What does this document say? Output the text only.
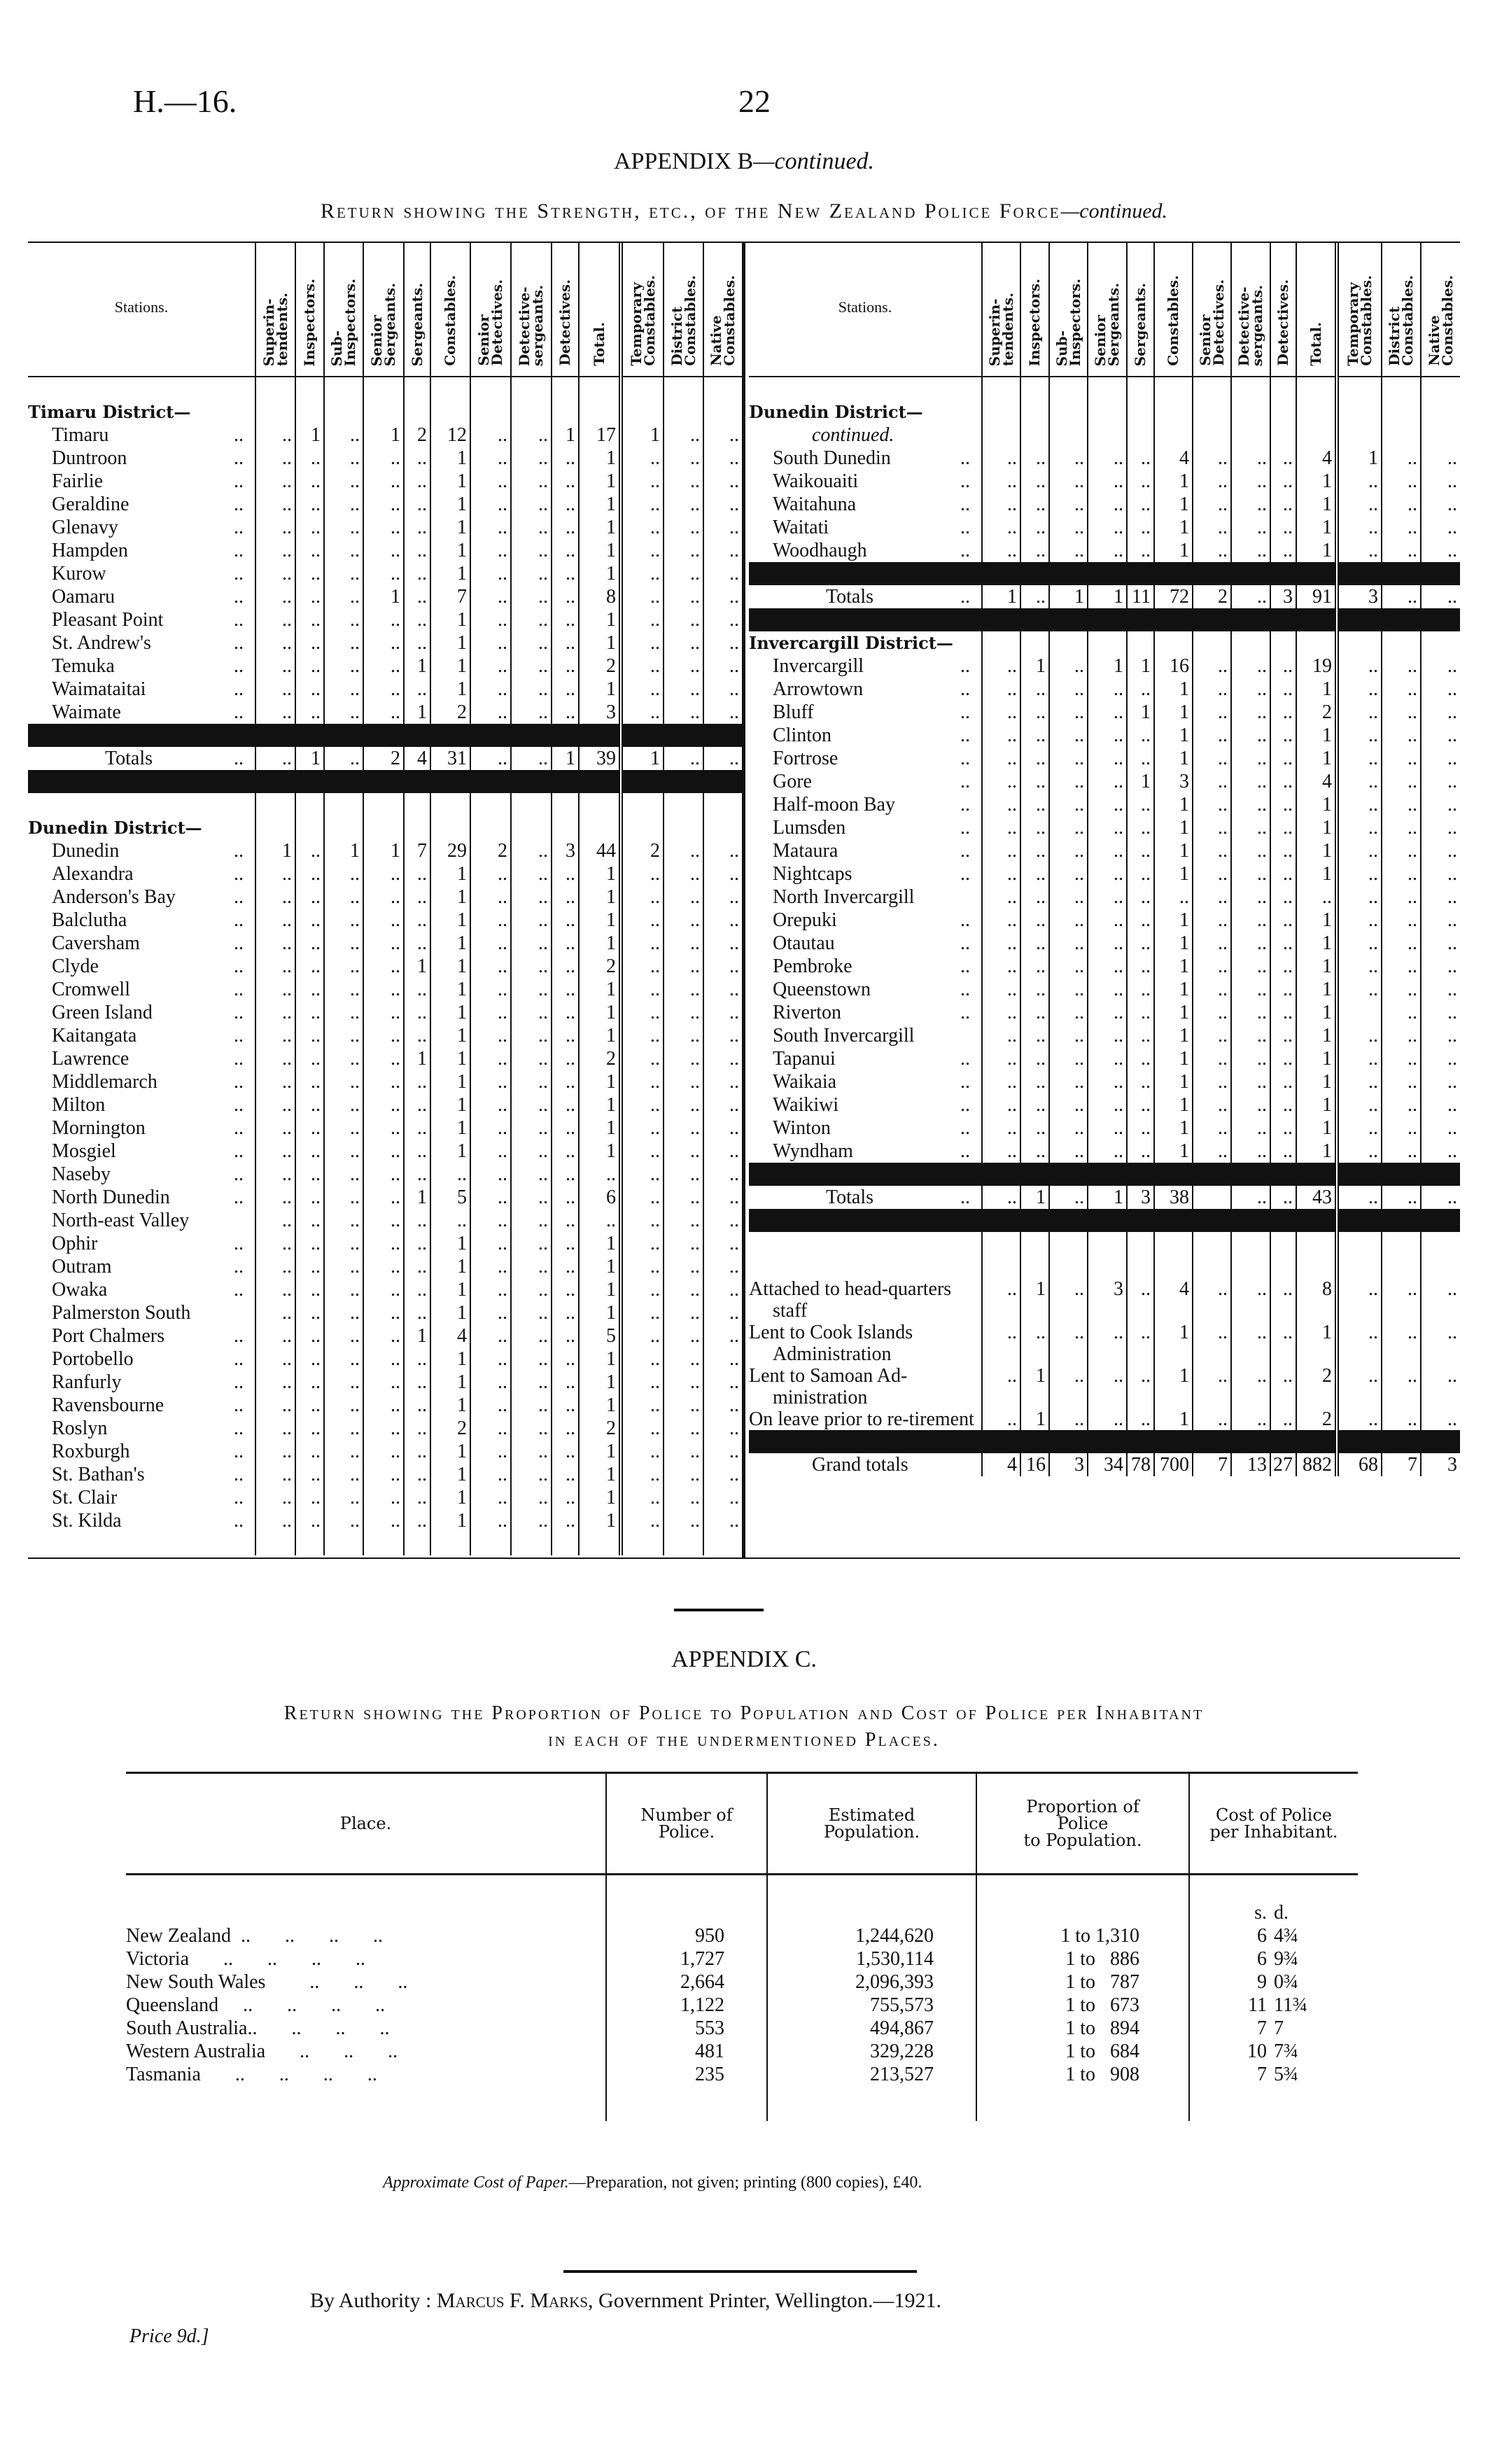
H.—16.	22
APPENDIX B—continued.
Return showing the Strength, etc., of the New Zealand Police Force—continued.
Stations.	Superin-
tendents.	Inspectors.	Sub-
Inspectors.	Senior
Sergeants.	Sergeants.	Constables.	Senior
Detectives.	Detective-
sergeants.	Detectives.	Total.	Temporary
Constables.	District
Constables.	Native
Constables.

Timaru District—													
Timaru ..	..	1	..	1	2	12	..	..	1	17	1	..	..
Duntroon ..	..	..	..	..	..	1	..	..	..	1	..	..	..
Fairlie ..	..	..	..	..	..	1	..	..	..	1	..	..	..
Geraldine ..	..	..	..	..	..	1	..	..	..	1	..	..	..
Glenavy ..	..	..	..	..	..	1	..	..	..	1	..	..	..
Hampden ..	..	..	..	..	..	1	..	..	..	1	..	..	..
Kurow ..	..	..	..	..	..	1	..	..	..	1	..	..	..
Oamaru ..	..	..	..	1	..	7	..	..	..	8	..	..	..
Pleasant Point ..	..	..	..	..	..	1	..	..	..	1	..	..	..
St. Andrew's ..	..	..	..	..	..	1	..	..	..	1	..	..	..
Temuka ..	..	..	..	..	1	1	..	..	..	2	..	..	..
Waimataitai ..	..	..	..	..	..	1	..	..	..	1	..	..	..
Waimate ..	..	..	..	..	1	2	..	..	..	3	..	..	..

Totals ..	..	1	..	2	4	31	..	..	1	39	1	..	..

Dunedin District—													
Dunedin ..	1	..	1	1	7	29	2	..	3	44	2	..	..
Alexandra ..	..	..	..	..	..	1	..	..	..	1	..	..	..
Anderson's Bay ..	..	..	..	..	..	1	..	..	..	1	..	..	..
Balclutha ..	..	..	..	..	..	1	..	..	..	1	..	..	..
Caversham ..	..	..	..	..	..	1	..	..	..	1	..	..	..
Clyde ..	..	..	..	..	1	1	..	..	..	2	..	..	..
Cromwell ..	..	..	..	..	..	1	..	..	..	1	..	..	..
Green Island ..	..	..	..	..	..	1	..	..	..	1	..	..	..
Kaitangata ..	..	..	..	..	..	1	..	..	..	1	..	..	..
Lawrence ..	..	..	..	..	1	1	..	..	..	2	..	..	..
Middlemarch ..	..	..	..	..	..	1	..	..	..	1	..	..	..
Milton ..	..	..	..	..	..	1	..	..	..	1	..	..	..
Mornington ..	..	..	..	..	..	1	..	..	..	1	..	..	..
Mosgiel ..	..	..	..	..	..	1	..	..	..	1	..	..	..
Naseby ..	..	..	..	..	..	..	..	..	..	..	..	..	..
North Dunedin ..	..	..	..	..	1	5	..	..	..	6	..	..	..
North-east Valley	..	..	..	..	..	..	..	..	..	..	..	..	..
Ophir ..	..	..	..	..	..	1	..	..	..	1	..	..	..
Outram ..	..	..	..	..	..	1	..	..	..	1	..	..	..
Owaka ..	..	..	..	..	..	1	..	..	..	1	..	..	..
Palmerston South	..	..	..	..	..	1	..	..	..	1	..	..	..
Port Chalmers ..	..	..	..	..	1	4	..	..	..	5	..	..	..
Portobello ..	..	..	..	..	..	1	..	..	..	1	..	..	..
Ranfurly ..	..	..	..	..	..	1	..	..	..	1	..	..	..
Ravensbourne ..	..	..	..	..	..	1	..	..	..	1	..	..	..
Roslyn ..	..	..	..	..	..	2	..	..	..	2	..	..	..
Roxburgh ..	..	..	..	..	..	1	..	..	..	1	..	..	..
St. Bathan's ..	..	..	..	..	..	1	..	..	..	1	..	..	..
St. Clair ..	..	..	..	..	..	1	..	..	..	1	..	..	..
St. Kilda ..	..	..	..	..	..	1	..	..	..	1	..	..	..

Stations.	Superin-
tendents.	Inspectors.	Sub-
Inspectors.	Senior
Sergeants.	Sergeants.	Constables.	Senior
Detectives.	Detective-
sergeants.	Detectives.	Total.	Temporary
Constables.	District
Constables.	Native
Constables.

Dunedin District—													
continued.													
South Dunedin ..	..	..	..	..	..	4	..	..	..	4	1	..	..
Waikouaiti ..	..	..	..	..	..	1	..	..	..	1	..	..	..
Waitahuna ..	..	..	..	..	..	1	..	..	..	1	..	..	..
Waitati ..	..	..	..	..	..	1	..	..	..	1	..	..	..
Woodhaugh ..	..	..	..	..	..	1	..	..	..	1	..	..	..

Totals ..	1	..	1	1	11	72	2	..	3	91	3	..	..

Invercargill District—													

Invercargill ..	..	1	..	1	1	16	..	..	..	19	..	..	..
Arrowtown ..	..	..	..	..	..	1	..	..	..	1	..	..	..
Bluff ..	..	..	..	..	1	1	..	..	..	2	..	..	..
Clinton ..	..	..	..	..	..	1	..	..	..	1	..	..	..
Fortrose ..	..	..	..	..	..	1	..	..	..	1	..	..	..
Gore ..	..	..	..	..	1	3	..	..	..	4	..	..	..
Half-moon Bay ..	..	..	..	..	..	1	..	..	..	1	..	..	..
Lumsden ..	..	..	..	..	..	1	..	..	..	1	..	..	..
Mataura ..	..	..	..	..	..	1	..	..	..	1	..	..	..
Nightcaps ..	..	..	..	..	..	1	..	..	..	1	..	..	..
North Invercargill	..	..	..	..	..	..	..	..	..	..	..	..	..
Orepuki ..	..	..	..	..	..	1	..	..	..	1	..	..	..
Otautau ..	..	..	..	..	..	1	..	..	..	1	..	..	..
Pembroke ..	..	..	..	..	..	1	..	..	..	1	..	..	..
Queenstown ..	..	..	..	..	..	1	..	..	..	1	..	..	..
Riverton ..	..	..	..	..	..	1	..	..	..	1		..	..
South Invercargill	..	..	..	..	..	1	..	..	..	1	..	..	..
Tapanui ..	..	..	..	..	..	1	..	..	..	1	..	..	..
Waikaia ..	..	..	..	..	..	1	..	..	..	1	..	..	..
Waikiwi ..	..	..	..	..	..	1	..	..	..	1	..	..	..
Winton ..	..	..	..	..	..	1	..	..	..	1	..	..	..
Wyndham ..	..	..	..	..	..	1	..	..	..	1	..	..	..

Totals ..	..	1	..	1	3	38		..	..	43	..	..	..

Attached to head-quarters staff	..	1	..	3	..	4	..	..	..	8	..	..	..

Lent to Cook Islands Administration	..	..	..	..	..	1	..	..	..	1	..	..	..

Lent to Samoan Ad-ministration	..	1	..	..	..	1	..	..	..	2	..	..	..

On leave prior to re-tirement	..	1	..	..	..	1	..	..	..	2	..	..	..

Grand totals	4	16	3	34	78	700	7	13	27	882	68	7	3
APPENDIX C.
Return showing the Proportion of Police to Population and Cost of Police per Inhabitant
in each of the undermentioned Places.
Place.	Number of
Police.	Estimated
Population.	Proportion of
Police
to Population.	Cost of Police
per Inhabitant.
				s. d.
New Zealand  ..       ..       ..       ..	950	1,244,620	1 to 1,310	6 4¾
Victoria       ..       ..       ..       ..	1,727	1,530,114	1 to   886	6 9¾
New South Wales         ..       ..       ..	2,664	2,096,393	1 to   787	9 0¾
Queensland     ..       ..       ..       ..	1,122	755,573	1 to   673	11 11¾
South Australia..       ..       ..       ..	553	494,867	1 to   894	7 7
Western Australia       ..       ..       ..	481	329,228	1 to   684	10 7¾
Tasmania       ..       ..       ..       ..	235	213,527	1 to   908	7 5¾

Approximate Cost of Paper.—Preparation, not given; printing (800 copies), £40.
By Authority : Marcus F. Marks, Government Printer, Wellington.—1921.
Price 9d.]
